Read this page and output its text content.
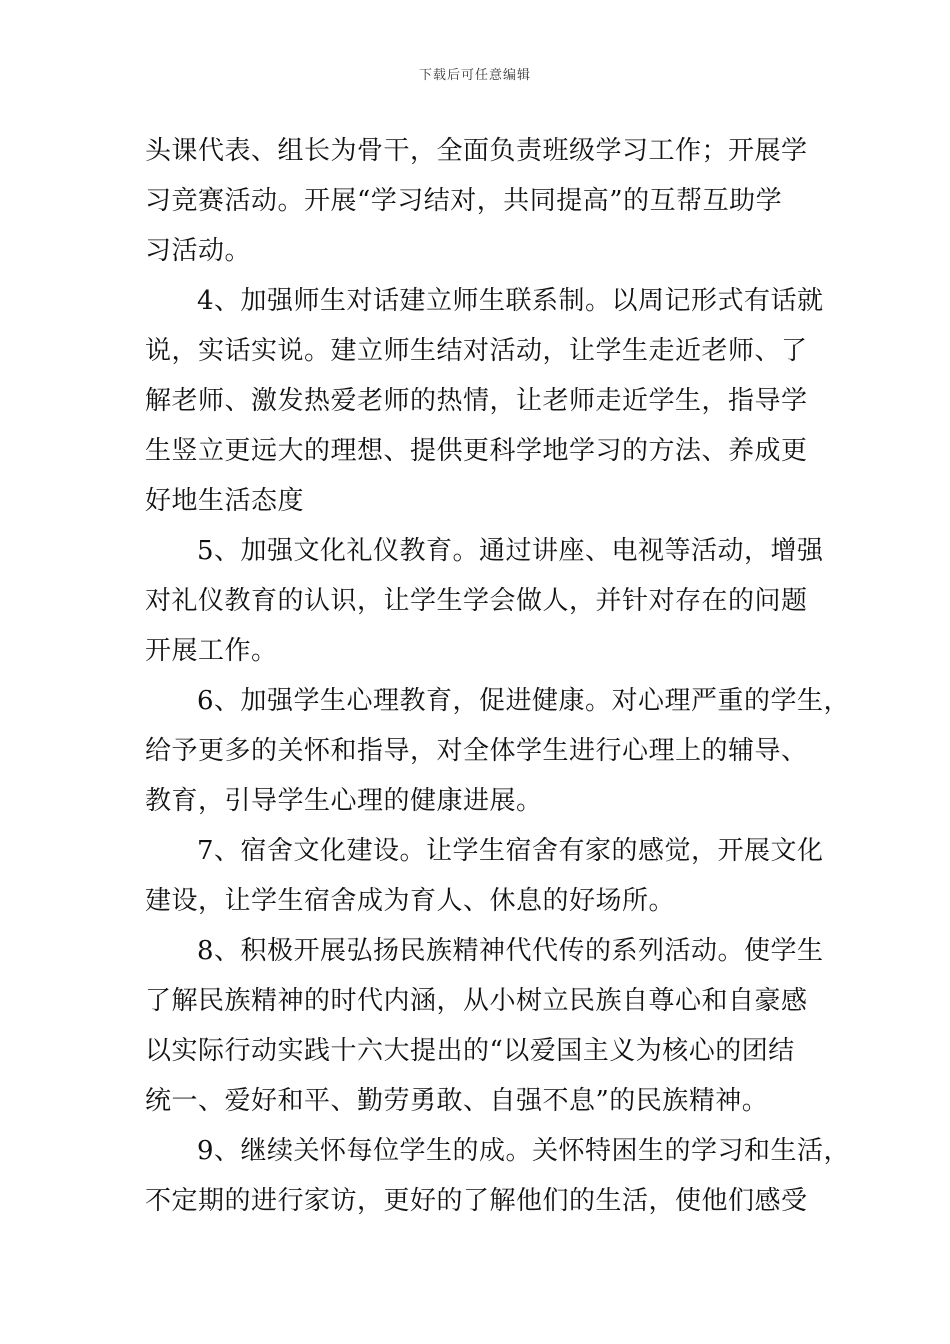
下载后可任意编辑
头课代表、组长为骨干，全面负责班级学习工作；开展学
习竞赛活动。开展“学习结对，共同提高”的互帮互助学
习活动。
4、加强师生对话建立师生联系制。以周记形式有话就
说，实话实说。建立师生结对活动，让学生走近老师、了
解老师、激发热爱老师的热情，让老师走近学生，指导学
生竖立更远大的理想、提供更科学地学习的方法、养成更
好地生活态度
5、加强文化礼仪教育。通过讲座、电视等活动，增强
对礼仪教育的认识，让学生学会做人，并针对存在的问题
开展工作。
6、加强学生心理教育，促进健康。对心理严重的学生，
给予更多的关怀和指导，对全体学生进行心理上的辅导、
教育，引导学生心理的健康进展。
7、宿舍文化建设。让学生宿舍有家的感觉，开展文化
建设，让学生宿舍成为育人、休息的好场所。
8、积极开展弘扬民族精神代代传的系列活动。使学生
了解民族精神的时代内涵，从小树立民族自尊心和自豪感
以实际行动实践十六大提出的“以爱国主义为核心的团结
统一、爱好和平、勤劳勇敢、自强不息”的民族精神。
9、继续关怀每位学生的成。关怀特困生的学习和生活，
不定期的进行家访，更好的了解他们的生活，使他们感受
